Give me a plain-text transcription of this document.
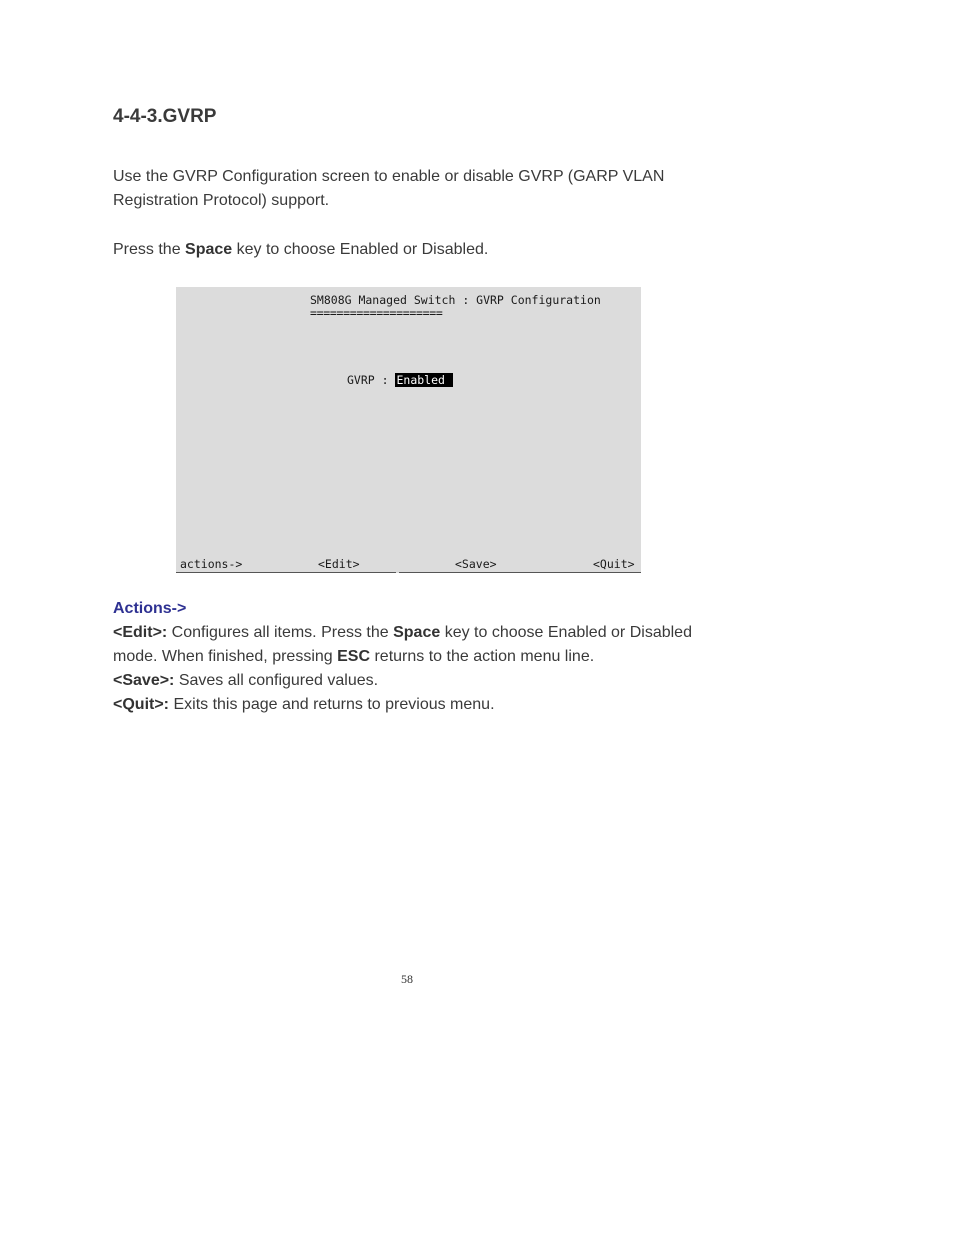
4-4-3.GVRP

Use the GVRP Configuration screen to enable or disable GVRP (GARP VLAN Registration Protocol) support.

Press the Space key to choose Enabled or Disabled.

SM808G Managed Switch : GVRP Configuration
====================
GVRP : Enabled
actions->	<Edit>	<Save>	<Quit>

Actions->

<Edit>: Configures all items. Press the Space key to choose Enabled or Disabled mode. When finished, pressing ESC returns to the action menu line.

<Save>: Saves all configured values.

<Quit>: Exits this page and returns to previous menu.

58
